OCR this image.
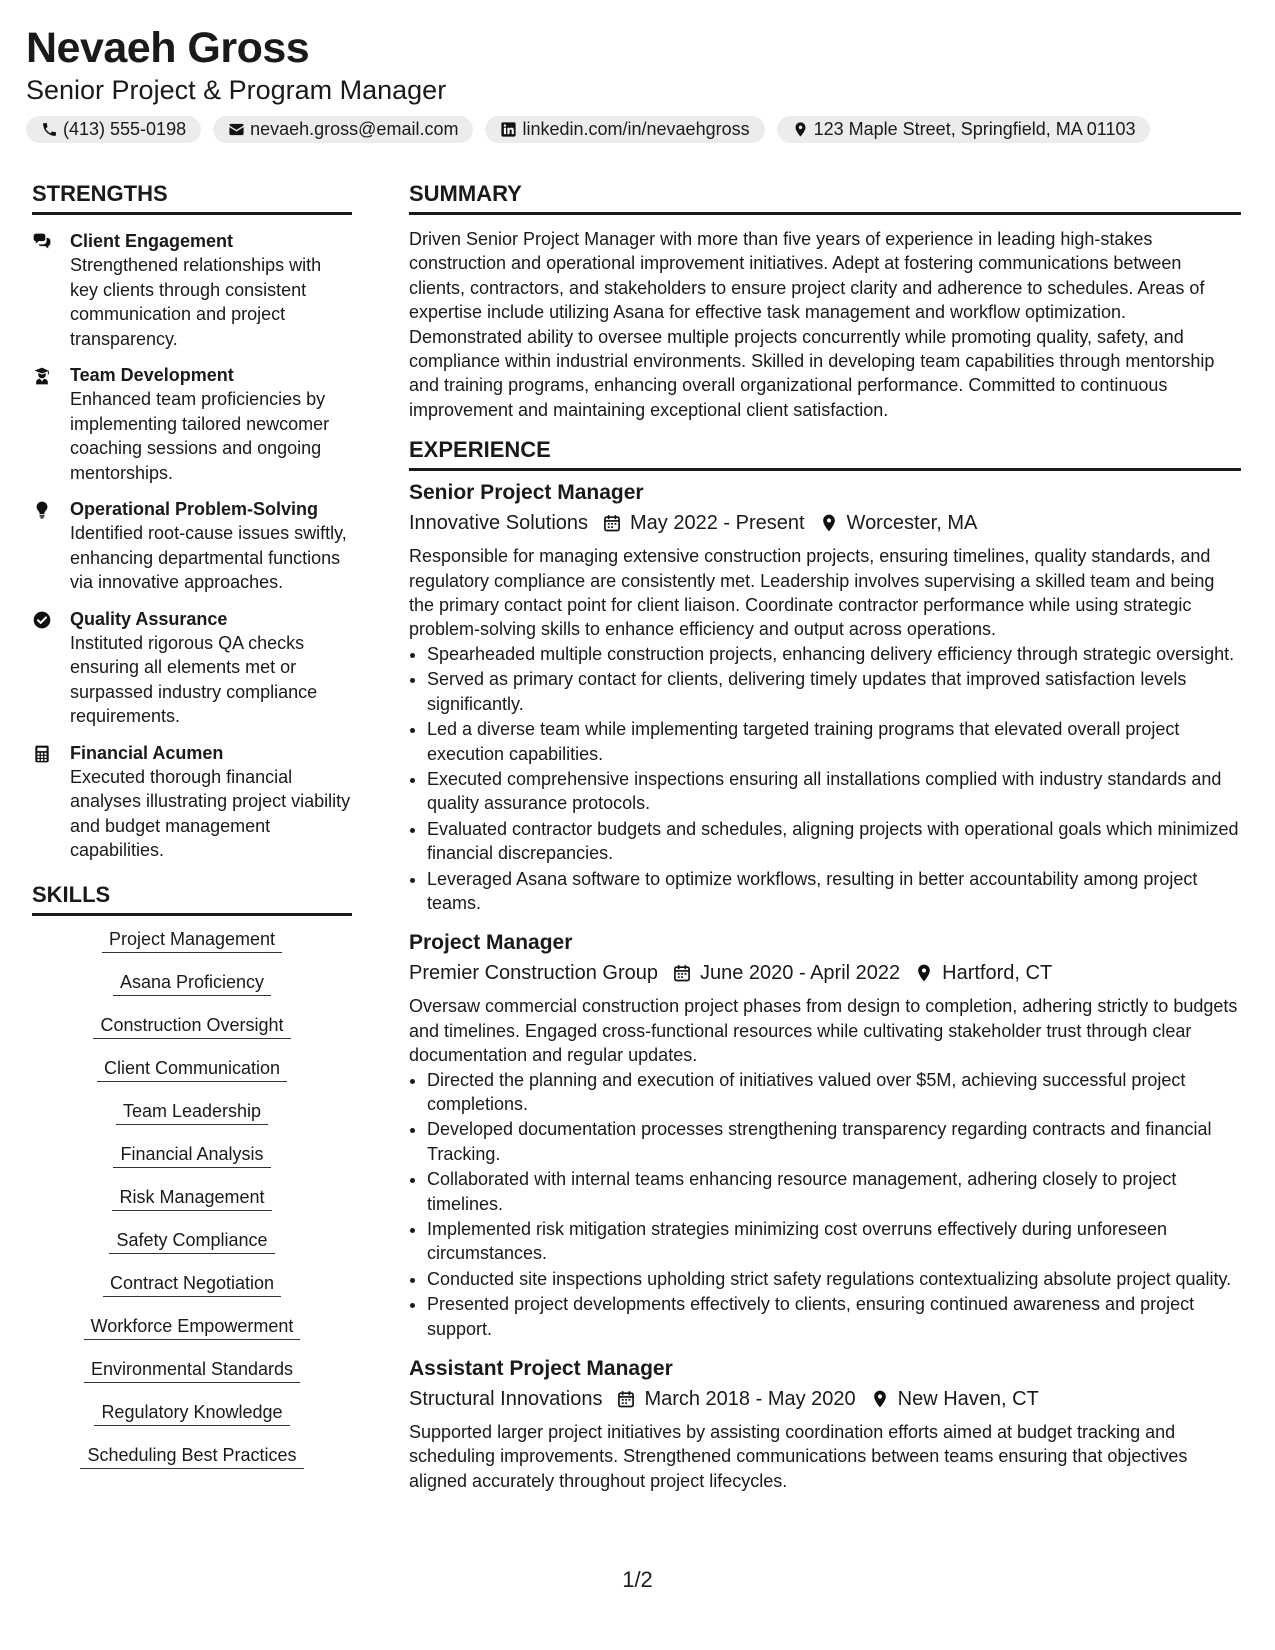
Nevaeh Gross
Senior Project & Program Manager
(413) 555-0198	nevaeh.gross@email.com	linkedin.com/in/nevaehgross	123 Maple Street, Springfield, MA 01103
STRENGTHS
Client Engagement
Strengthened relationships with key clients through consistent communication and project transparency.
Team Development
Enhanced team proficiencies by implementing tailored newcomer coaching sessions and ongoing mentorships.
Operational Problem-Solving
Identified root-cause issues swiftly, enhancing departmental functions via innovative approaches.
Quality Assurance
Instituted rigorous QA checks ensuring all elements met or surpassed industry compliance requirements.
Financial Acumen
Executed thorough financial analyses illustrating project viability and budget management capabilities.
SKILLS
Project Management
Asana Proficiency
Construction Oversight
Client Communication
Team Leadership
Financial Analysis
Risk Management
Safety Compliance
Contract Negotiation
Workforce Empowerment
Environmental Standards
Regulatory Knowledge
Scheduling Best Practices
SUMMARY

Driven Senior Project Manager with more than five years of experience in leading high-stakes construction and operational improvement initiatives. Adept at fostering communications between clients, contractors, and stakeholders to ensure project clarity and adherence to schedules. Areas of expertise include utilizing Asana for effective task management and workflow optimization. Demonstrated ability to oversee multiple projects concurrently while promoting quality, safety, and compliance within industrial environments. Skilled in developing team capabilities through mentorship and training programs, enhancing overall organizational performance. Committed to continuous improvement and maintaining exceptional client satisfaction.

EXPERIENCE
Senior Project Manager
Innovative Solutions May 2022 - Present Worcester, MA

Responsible for managing extensive construction projects, ensuring timelines, quality standards, and regulatory compliance are consistently met. Leadership involves supervising a skilled team and being the primary contact point for client liaison. Coordinate contractor performance while using strategic problem-solving skills to enhance efficiency and output across operations.

• Spearheaded multiple construction projects, enhancing delivery efficiency through strategic oversight.
• Served as primary contact for clients, delivering timely updates that improved satisfaction levels significantly.
• Led a diverse team while implementing targeted training programs that elevated overall project execution capabilities.
• Executed comprehensive inspections ensuring all installations complied with industry standards and quality assurance protocols.
• Evaluated contractor budgets and schedules, aligning projects with operational goals which minimized financial discrepancies.
• Leveraged Asana software to optimize workflows, resulting in better accountability among project teams.
Project Manager
Premier Construction Group June 2020 - April 2022 Hartford, CT

Oversaw commercial construction project phases from design to completion, adhering strictly to budgets and timelines. Engaged cross-functional resources while cultivating stakeholder trust through clear documentation and regular updates.

• Directed the planning and execution of initiatives valued over $5M, achieving successful project completions.
• Developed documentation processes strengthening transparency regarding contracts and financial Tracking.
• Collaborated with internal teams enhancing resource management, adhering closely to project timelines.
• Implemented risk mitigation strategies minimizing cost overruns effectively during unforeseen circumstances.
• Conducted site inspections upholding strict safety regulations contextualizing absolute project quality.
• Presented project developments effectively to clients, ensuring continued awareness and project support.
Assistant Project Manager
Structural Innovations March 2018 - May 2020 New Haven, CT

Supported larger project initiatives by assisting coordination efforts aimed at budget tracking and scheduling improvements. Strengthened communications between teams ensuring that objectives aligned accurately throughout project lifecycles.

1/2
